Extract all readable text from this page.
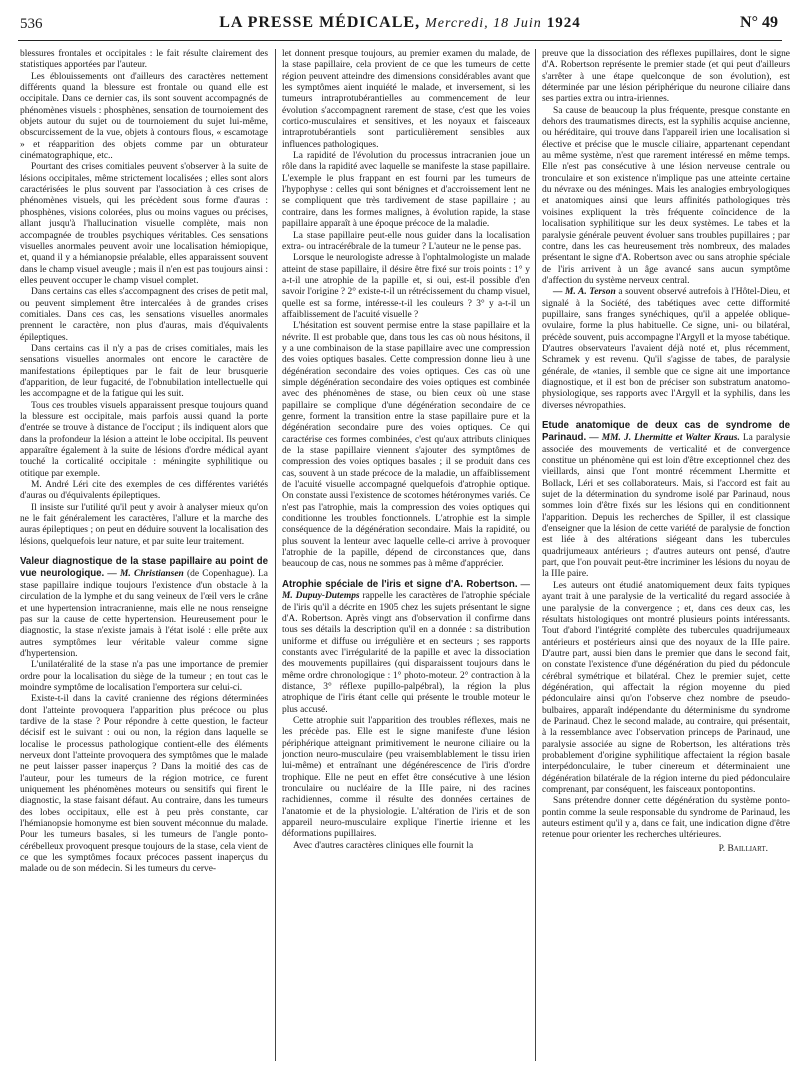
536	LA PRESSE MÉDICALE, Mercredi, 18 Juin 1924	N° 49

blessures frontales et occipitales : le fait résulte clairement des statistiques apportées par l'auteur.

Les éblouissements ont d'ailleurs des caractères nettement différents quand la blessure est frontale ou quand elle est occipitale. Dans ce dernier cas, ils sont souvent accompagnés de phénomènes visuels : phosphènes, sensation de tournoiement des objets autour du sujet ou de tournoiement du sujet lui-même, obscurcissement de la vue, objets à contours flous, « escamotage » et réapparition des objets comme par un obturateur cinématographique, etc..

Pourtant des crises comitiales peuvent s'observer à la suite de lésions occipitales, même strictement localisées ; elles sont alors caractérisées le plus souvent par l'association à ces crises de phénomènes visuels, qui les précèdent sous forme d'auras : phosphènes, visions colorées, plus ou moins vagues ou précises, allant jusqu'à l'hallucination visuelle complète, mais non accompagnée de troubles psychiques véritables. Ces sensations visuelles anormales peuvent avoir une localisation hémiopique, et, quand il y a hémianopsie préalable, elles apparaissent souvent dans le champ visuel aveugle ; mais il n'en est pas toujours ainsi : elles peuvent occuper le champ visuel complet.

Dans certains cas elles s'accompagnent des crises de petit mal, ou peuvent simplement être intercalées à de grandes crises comitiales. Dans ces cas, les sensations visuelles anormales prennent le caractère, non plus d'auras, mais d'équivalents épileptiques.

Dans certains cas il n'y a pas de crises comitiales, mais les sensations visuelles anormales ont encore le caractère de manifestations épileptiques par le fait de leur brusquerie d'apparition, de leur fugacité, de l'obnubilation intellectuelle qui les accompagne et de la fatigue qui les suit.

Tous ces troubles visuels apparaissent presque toujours quand la blessure est occipitale, mais parfois aussi quand la porte d'entrée se trouve à distance de l'occiput ; ils indiquent alors que dans la profondeur la lésion a atteint le lobe occipital. Ils peuvent apparaître également à la suite de lésions d'ordre médical ayant touché la corticalité occipitale : méningite syphilitique ou otitique par exemple.

M. André Léri cite des exemples de ces différentes variétés d'auras ou d'équivalents épileptiques.

Il insiste sur l'utilité qu'il peut y avoir à analyser mieux qu'on ne le fait généralement les caractères, l'allure et la marche des auras épileptiques ; on peut en déduire souvent la localisation des lésions, quelquefois leur nature, et par suite leur traitement.

Valeur diagnostique de la stase papillaire au point de vue neurologique. — M. Christiansen (de Copenhague). La stase papillaire indique toujours l'existence d'un obstacle à la circulation de la lymphe et du sang veineux de l'œil vers le crâne et une hypertension intracranienne, mais elle ne nous renseigne pas sur la cause de cette hypertension. Heureusement pour le diagnostic, la stase n'existe jamais à l'état isolé : elle prête aux autres symptômes leur véritable valeur comme signe d'hypertension.

L'unilatéralité de la stase n'a pas une importance de premier ordre pour la localisation du siège de la tumeur ; en tout cas le moindre symptôme de localisation l'emportera sur celui-ci.

Existe-t-il dans la cavité cranienne des régions déterminées dont l'atteinte provoquera l'apparition plus précoce ou plus tardive de la stase ? Pour répondre à cette question, le facteur décisif est le suivant : oui ou non, la région dans laquelle se localise le processus pathologique contient-elle des éléments nerveux dont l'atteinte provoquera des symptômes que le malade ne peut laisser passer inaperçus ? Dans la moitié des cas de l'auteur, pour les tumeurs de la région motrice, ce furent uniquement les phénomènes moteurs ou sensitifs qui firent le diagnostic, la stase faisant défaut. Au contraire, dans les tumeurs des lobes occipitaux, elle est à peu près constante, car l'hémianopsie homonyme est bien souvent méconnue du malade. Pour les tumeurs basales, si les tumeurs de l'angle ponto-cérébelleux provoquent presque toujours de la stase, cela vient de ce que les symptômes focaux précoces passent inaperçus du malade ou de son médecin. Si les tumeurs du cerve-

let donnent presque toujours, au premier examen du malade, de la stase papillaire, cela provient de ce que les tumeurs de cette région peuvent atteindre des dimensions considérables avant que les symptômes aient inquiété le malade, et inversement, si les tumeurs intraprotubérantielles au commencement de leur évolution s'accompagnent rarement de stase, c'est que les voies cortico-musculaires et sensitives, et les noyaux et faisceaux intraprotubérantiels sont particulièrement sensibles aux influences pathologiques.

La rapidité de l'évolution du processus intracranien joue un rôle dans la rapidité avec laquelle se manifeste la stase papillaire. L'exemple le plus frappant en est fourni par les tumeurs de l'hypophyse : celles qui sont bénignes et d'accroissement lent ne se compliquent que très tardivement de stase papillaire ; au contraire, dans les formes malignes, à évolution rapide, la stase papillaire apparaît à une époque précoce de la maladie.

La stase papillaire peut-elle nous guider dans la localisation extra- ou intracérébrale de la tumeur ? L'auteur ne le pense pas.

Lorsque le neurologiste adresse à l'ophtalmologiste un malade atteint de stase papillaire, il désire être fixé sur trois points : 1° y a-t-il une atrophie de la papille et, si oui, est-il possible d'en savoir l'origine ? 2° existe-t-il un rétrécissement du champ visuel, quelle est sa forme, intéresse-t-il les couleurs ? 3° y a-t-il un affaiblissement de l'acuité visuelle ?

L'hésitation est souvent permise entre la stase papillaire et la névrite. Il est probable que, dans tous les cas où nous hésitons, il y a une combinaison de la stase papillaire avec une compression des voies optiques basales. Cette compression donne lieu à une dégénération secondaire des voies optiques. Ces cas où une simple dégénération secondaire des voies optiques est combinée avec des phénomènes de stase, ou bien ceux où une stase papillaire se complique d'une dégénération secondaire de ce genre, forment la transition entre la stase papillaire pure et la dégénération secondaire pure des voies optiques. Ce qui caractérise ces formes combinées, c'est qu'aux attributs cliniques de la stase papillaire viennent s'ajouter des symptômes de compression des voies optiques basales ; il se produit dans ces cas, souvent à un stade précoce de la maladie, un affaiblissement de l'acuité visuelle accompagné quelquefois d'atrophie optique. On constate aussi l'existence de scotomes hétéronymes variés. Ce n'est pas l'atrophie, mais la compression des voies optiques qui conditionne les troubles fonctionnels. L'atrophie est la simple conséquence de la dégénération secondaire. Mais la rapidité, ou plus souvent la lenteur avec laquelle celle-ci arrive à provoquer l'atrophie de la papille, dépend de circonstances que, dans beaucoup de cas, nous ne sommes pas à même d'apprécier.

Atrophie spéciale de l'iris et signe d'A. Robertson. — M. Dupuy-Dutemps rappelle les caractères de l'atrophie spéciale de l'iris qu'il a décrite en 1905 chez les sujets présentant le signe d'A. Robertson. Après vingt ans d'observation il confirme dans tous ses détails la description qu'il en a donnée : sa distribution uniforme et diffuse ou irrégulière et en secteurs ; ses rapports constants avec l'irrégularité de la papille et avec la dissociation des mouvements pupillaires (qui disparaissent toujours dans le même ordre chronologique : 1° photo-moteur. 2° contraction à la distance, 3° réflexe pupillo-palpébral), la région la plus atrophique de l'iris étant celle qui présente le trouble moteur le plus accusé.

Cette atrophie suit l'apparition des troubles réflexes, mais ne les précède pas. Elle est le signe manifeste d'une lésion périphérique atteignant primitivement le neurone ciliaire ou la jonction neuro-musculaire (peu vraisemblablement le tissu irien lui-même) et entraînant une dégénérescence de l'iris d'ordre trophique. Elle ne peut en effet être consécutive à une lésion tronculaire ou nucléaire de la IIIe paire, ni des racines rachidiennes, comme il résulte des données certaines de l'anatomie et de la physiologie. L'altération de l'iris et de son appareil neuro-musculaire explique l'inertie irienne et les déformations pupillaires.

Avec d'autres caractères cliniques elle fournit la

preuve que la dissociation des réflexes pupillaires, dont le signe d'A. Robertson représente le premier stade (et qui peut d'ailleurs s'arrêter à une étape quelconque de son évolution), est déterminée par une lésion périphérique du neurone ciliaire dans ses parties extra ou intra-iriennes.

Sa cause de beaucoup la plus fréquente, presque constante en dehors des traumatismes directs, est la syphilis acquise ancienne, ou héréditaire, qui trouve dans l'appareil irien une localisation si élective et précise que le muscle ciliaire, appartenant cependant au même système, n'est que rarement intéressé en même temps. Elle n'est pas consécutive à une lésion nerveuse centrale ou tronculaire et son existence n'implique pas une atteinte certaine du névraxe ou des méninges. Mais les analogies embryologiques et anatomiques ainsi que leurs affinités pathologiques très voisines expliquent la très fréquente coïncidence de la localisation syphilitique sur les deux systèmes. Le tabes et la paralysie générale peuvent évoluer sans troubles pupillaires ; par contre, dans les cas heureusement très nombreux, des malades présentant le signe d'A. Robertson avec ou sans atrophie spéciale de l'iris arrivent à un âge avancé sans aucun symptôme d'affection du système nerveux central.

— M. A. Terson a souvent observé autrefois à l'Hôtel-Dieu, et signalé à la Société, des tabétiques avec cette difformité pupillaire, sans franges synéchiques, qu'il a appelée oblique-ovulaire, forme la plus habituelle. Ce signe, uni- ou bilatéral, précède souvent, puis accompagne l'Argyll et la myose tabétique. D'autres observateurs l'avaient déjà noté et, plus récemment, Schramek y est revenu. Qu'il s'agisse de tabes, de paralysie générale, de «tanies, il semble que ce signe ait une importance diagnostique, et il est bon de préciser son substratum anatomo-physiologique, ses rapports avec l'Argyll et la syphilis, dans les diverses névropathies.

Etude anatomique de deux cas de syndrome de Parinaud. — MM. J. Lhermitte et Walter Kraus. La paralysie associée des mouvements de verticalité et de convergence constitue un phénomène qui est loin d'être exceptionnel chez des vieillards, ainsi que l'ont montré récemment Lhermitte et Bollack, Léri et ses collaborateurs. Mais, si l'accord est fait au sujet de la détermination du syndrome isolé par Parinaud, nous sommes loin d'être fixés sur les lésions qui en conditionnent l'apparition. Depuis les recherches de Spiller, il est classique d'enseigner que la lésion de cette variété de paralysie de fonction est liée à des altérations siégeant dans les tubercules quadrijumeaux antérieurs ; d'autres auteurs ont pensé, d'autre part, que l'on pouvait peut-être incriminer les lésions du noyau de la IIIe paire.

Les auteurs ont étudié anatomiquement deux faits typiques ayant trait à une paralysie de la verticalité du regard associée à une paralysie de la convergence ; et, dans ces deux cas, les résultats histologiques ont montré plusieurs points intéressants. Tout d'abord l'intégrité complète des tubercules quadrijumeaux antérieurs et postérieurs ainsi que des noyaux de la IIIe paire. D'autre part, aussi bien dans le premier que dans le second fait, on constate l'existence d'une dégénération du pied du pédoncule cérébral symétrique et bilatéral. Chez le premier sujet, cette dégénération, qui affectait la région moyenne du pied pédonculaire ainsi qu'on l'observe chez nombre de pseudo-bulbaires, apparaît indépendante du déterminisme du syndrome de Parinaud. Chez le second malade, au contraire, qui présentait, à la ressemblance avec l'observation princeps de Parinaud, une paralysie associée au signe de Robertson, les altérations très probablement d'origine syphilitique affectaient la région basale interpédonculaire, le tuber cinereum et déterminaient une dégénération bilatérale de la région interne du pied pédonculaire comprenant, par conséquent, les faisceaux pontopontins.

Sans prétendre donner cette dégénération du système ponto-pontin comme la seule responsable du syndrome de Parinaud, les auteurs estiment qu'il y a, dans ce fait, une indication digne d'être retenue pour orienter les recherches ultérieures.

P. Bailliart.
